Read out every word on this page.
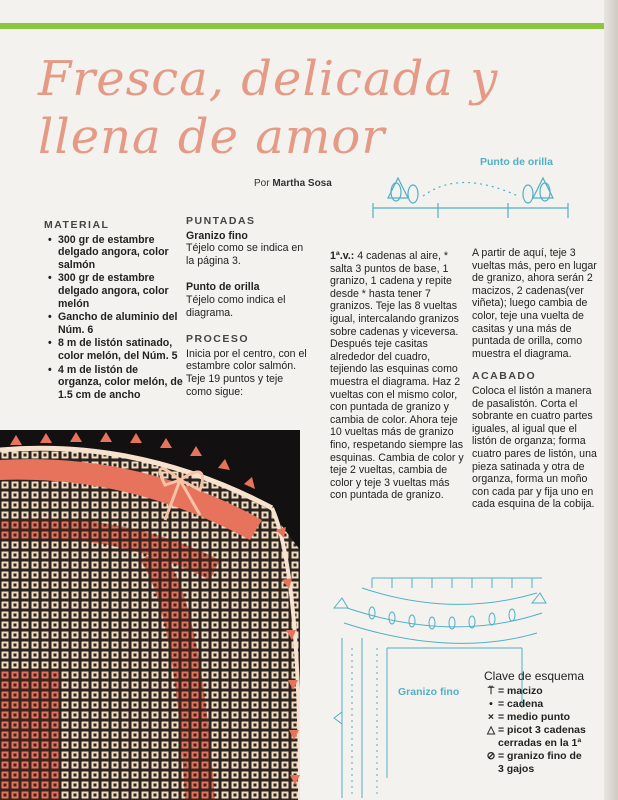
Fresca, delicada y
llena de amor
Por Martha Sosa
Punto de orilla
MATERIAL
• 300 gr de estambre delgado angora, color salmón
• 300 gr de estambre delgado angora, color melón
• Gancho de aluminio del Núm. 6
• 8 m de listón satinado, color melón, del Núm. 5
• 4 m de listón de organza, color melón, de 1.5 cm de ancho
PUNTADAS
Granizo fino
Téjelo como se indica en la página 3.
Punto de orilla
Téjelo como indica el diagrama.
PROCESO
Inicia por el centro, con el estambre color salmón. Teje 19 puntos y teje como sigue:
1ª.v.: 4 cadenas al aire, * salta 3 puntos de base, 1 granizo, 1 cadena y repite desde * hasta tener 7 granizos. Teje las 8 vueltas igual, intercalando granizos sobre cadenas y viceversa. Después teje casitas alrededor del cuadro, tejiendo las esquinas como muestra el diagrama. Haz 2 vueltas con el mismo color, con puntada de granizo y cambia de color. Ahora teje 10 vueltas más de granizo fino, respetando siempre las esquinas. Cambia de color y teje 2 vueltas, cambia de color y teje 3 vueltas más con puntada de granizo.
A partir de aquí, teje 3 vueltas más, pero en lugar de granizo, ahora serán 2 macizos, 2 cadenas(ver viñeta); luego cambia de color, teje una vuelta de casitas y una más de puntada de orilla, como muestra el diagrama.
ACABADO
Coloca el listón a manera de pasalistón. Corta el sobrante en cuatro partes iguales, al igual que el listón de organza; forma cuatro pares de listón, una pieza satinada y otra de organza, forma un moño con cada par y fija uno en cada esquina de la cobija.
Granizo fino
Clave de esquema
⍡ = macizo
• = cadena
× = medio punto
△ = picot 3 cadenas
cerradas en la 1ª
⊘ = granizo fino de
3 gajos
